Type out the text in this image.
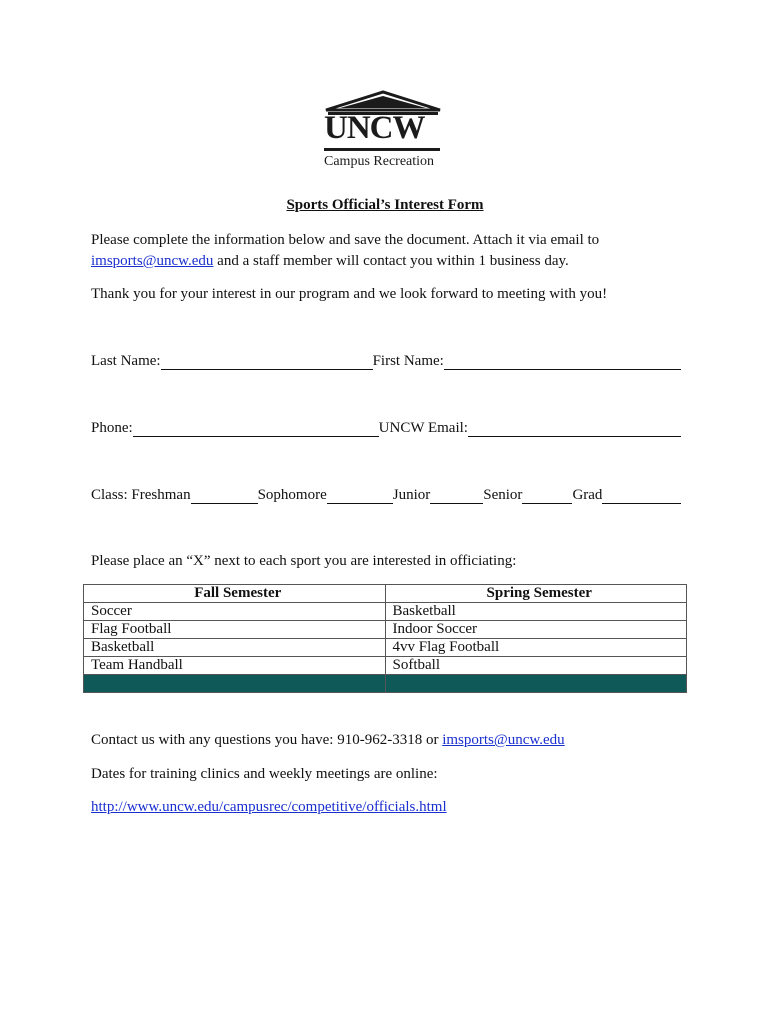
UNCW
Campus Recreation
Sports Official’s Interest Form
Please complete the information below and save the document. Attach it via email to
imsports@uncw.edu and a staff member will contact you within 1 business day.
Thank you for your interest in our program and we look forward to meeting with you!
Last Name:	First Name:
Phone:	UNCW Email:
Class: Freshman	Sophomore	Junior	Senior	Grad
Please place an “X” next to each sport you are interested in officiating:
Fall Semester	Spring Semester
Soccer	Basketball
Flag Football	Indoor Soccer
Basketball	4vv Flag Football
Team Handball	Softball

Contact us with any questions you have: 910-962-3318 or imsports@uncw.edu
Dates for training clinics and weekly meetings are online:
http://www.uncw.edu/campusrec/competitive/officials.html
